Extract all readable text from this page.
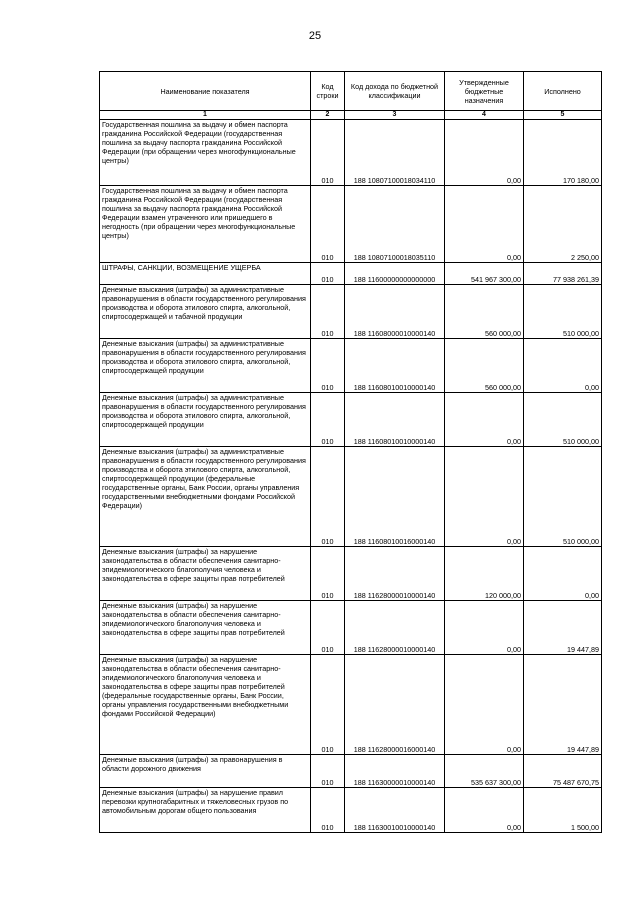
25
Наименование показателя	Код строки	Код дохода по бюджетной классификации	Утвержденные бюджетные назначения	Исполнено
1	2	3	4	5
Государственная пошлина за выдачу и обмен паспорта гражданина Российской Федерации (государственная пошлина за выдачу паспорта гражданина Российской Федерации (при обращении через многофункциональные центры)	010	188 10807100018034110	0,00	170 180,00
Государственная пошлина за выдачу и обмен паспорта гражданина Российской Федерации (государственная пошлина за выдачу паспорта гражданина Российской Федерации взамен утраченного или пришедшего в негодность (при обращении через многофункциональные центры)	010	188 10807100018035110	0,00	2 250,00
ШТРАФЫ, САНКЦИИ, ВОЗМЕЩЕНИЕ УЩЕРБА	010	188 11600000000000000	541 967 300,00	77 938 261,39
Денежные взыскания (штрафы) за административные правонарушения в области государственного регулирования производства и оборота этилового спирта, алкогольной, спиртосодержащей и табачной продукции	010	188 11608000010000140	560 000,00	510 000,00
Денежные взыскания (штрафы) за административные правонарушения в области государственного регулирования производства и оборота этилового спирта, алкогольной, спиртосодержащей продукции	010	188 11608010010000140	560 000,00	0,00
Денежные взыскания (штрафы) за административные правонарушения в области государственного регулирования производства и оборота этилового спирта, алкогольной, спиртосодержащей продукции	010	188 11608010010000140	0,00	510 000,00
Денежные взыскания (штрафы) за административные правонарушения в области государственного регулирования производства и оборота этилового спирта, алкогольной, спиртосодержащей продукции (федеральные государственные органы, Банк России, органы управления государственными внебюджетными фондами Российской Федерации)	010	188 11608010016000140	0,00	510 000,00
Денежные взыскания (штрафы) за нарушение законодательства в области обеспечения санитарно-эпидемиологического благополучия человека и законодательства в сфере защиты прав потребителей	010	188 11628000010000140	120 000,00	0,00
Денежные взыскания (штрафы) за нарушение законодательства в области обеспечения санитарно-эпидемиологического благополучия человека и законодательства в сфере защиты прав потребителей	010	188 11628000010000140	0,00	19 447,89
Денежные взыскания (штрафы) за нарушение законодательства в области обеспечения санитарно-эпидемиологического благополучия человека и законодательства в сфере защиты прав потребителей (федеральные государственные органы, Банк России, органы управления государственными внебюджетными фондами Российской Федерации)	010	188 11628000016000140	0,00	19 447,89
Денежные взыскания (штрафы) за правонарушения в области дорожного движения	010	188 11630000010000140	535 637 300,00	75 487 670,75
Денежные взыскания (штрафы) за нарушение правил перевозки крупногабаритных и тяжеловесных грузов по автомобильным дорогам общего пользования	010	188 11630010010000140	0,00	1 500,00
